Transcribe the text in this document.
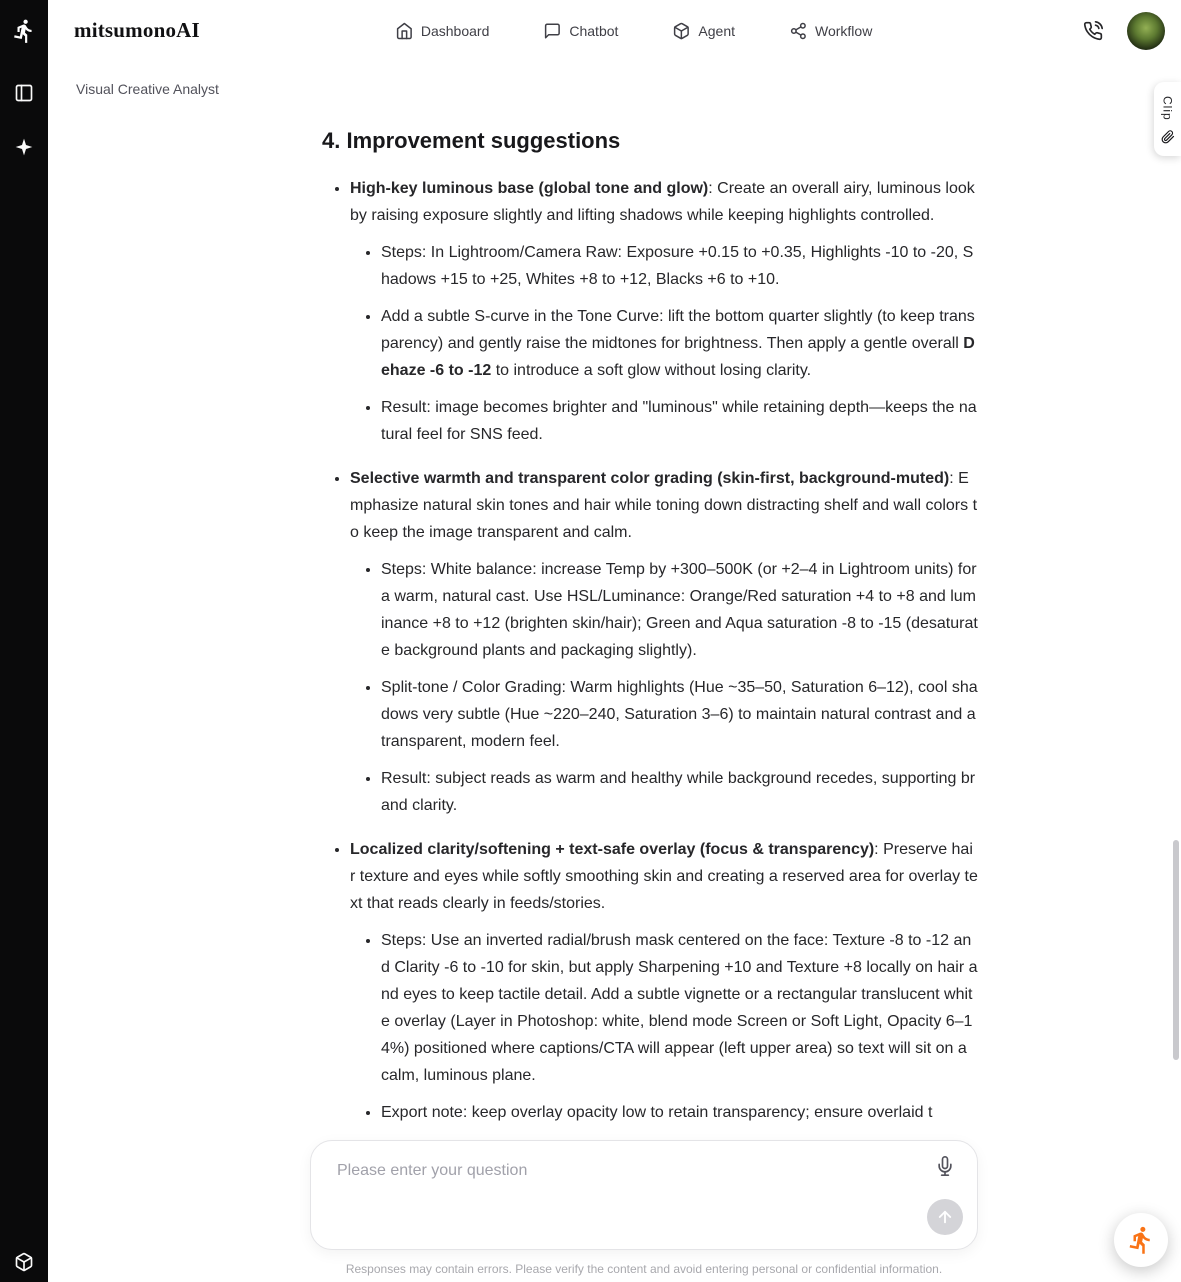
mitsumonoAI	Dashboard	Chatbot	Agent	Workflow
Visual Creative Analyst
4. Improvement suggestions
• High-key luminous base (global tone and glow): Create an overall airy, luminous look by raising exposure slightly and lifting shadows while keeping highlights controlled.
• Steps: In Lightroom/Camera Raw: Exposure +0.15 to +0.35, Highlights -10 to -20, Shadows +15 to +25, Whites +8 to +12, Blacks +6 to +10.
• Add a subtle S-curve in the Tone Curve: lift the bottom quarter slightly (to keep transparency) and gently raise the midtones for brightness. Then apply a gentle overall Dehaze -6 to -12 to introduce a soft glow without losing clarity.
• Result: image becomes brighter and "luminous" while retaining depth—keeps the natural feel for SNS feed.
• Selective warmth and transparent color grading (skin-first, background-muted): Emphasize natural skin tones and hair while toning down distracting shelf and wall colors to keep the image transparent and calm.
• Steps: White balance: increase Temp by +300–500K (or +2–4 in Lightroom units) for a warm, natural cast. Use HSL/Luminance: Orange/Red saturation +4 to +8 and luminance +8 to +12 (brighten skin/hair); Green and Aqua saturation -8 to -15 (desaturate background plants and packaging slightly).
• Split-tone / Color Grading: Warm highlights (Hue ~35–50, Saturation 6–12), cool shadows very subtle (Hue ~220–240, Saturation 3–6) to maintain natural contrast and a transparent, modern feel.
• Result: subject reads as warm and healthy while background recedes, supporting brand clarity.
• Localized clarity/softening + text-safe overlay (focus & transparency): Preserve hair texture and eyes while softly smoothing skin and creating a reserved area for overlay text that reads clearly in feeds/stories.
• Steps: Use an inverted radial/brush mask centered on the face: Texture -8 to -12 and Clarity -6 to -10 for skin, but apply Sharpening +10 and Texture +8 locally on hair and eyes to keep tactile detail. Add a subtle vignette or a rectangular translucent white overlay (Layer in Photoshop: white, blend mode Screen or Soft Light, Opacity 6–14%) positioned where captions/CTA will appear (left upper area) so text will sit on a calm, luminous plane.
• Export note: keep overlay opacity low to retain transparency; ensure overlaid t
Clip
Please enter your question
Responses may contain errors. Please verify the content and avoid entering personal or confidential information.
